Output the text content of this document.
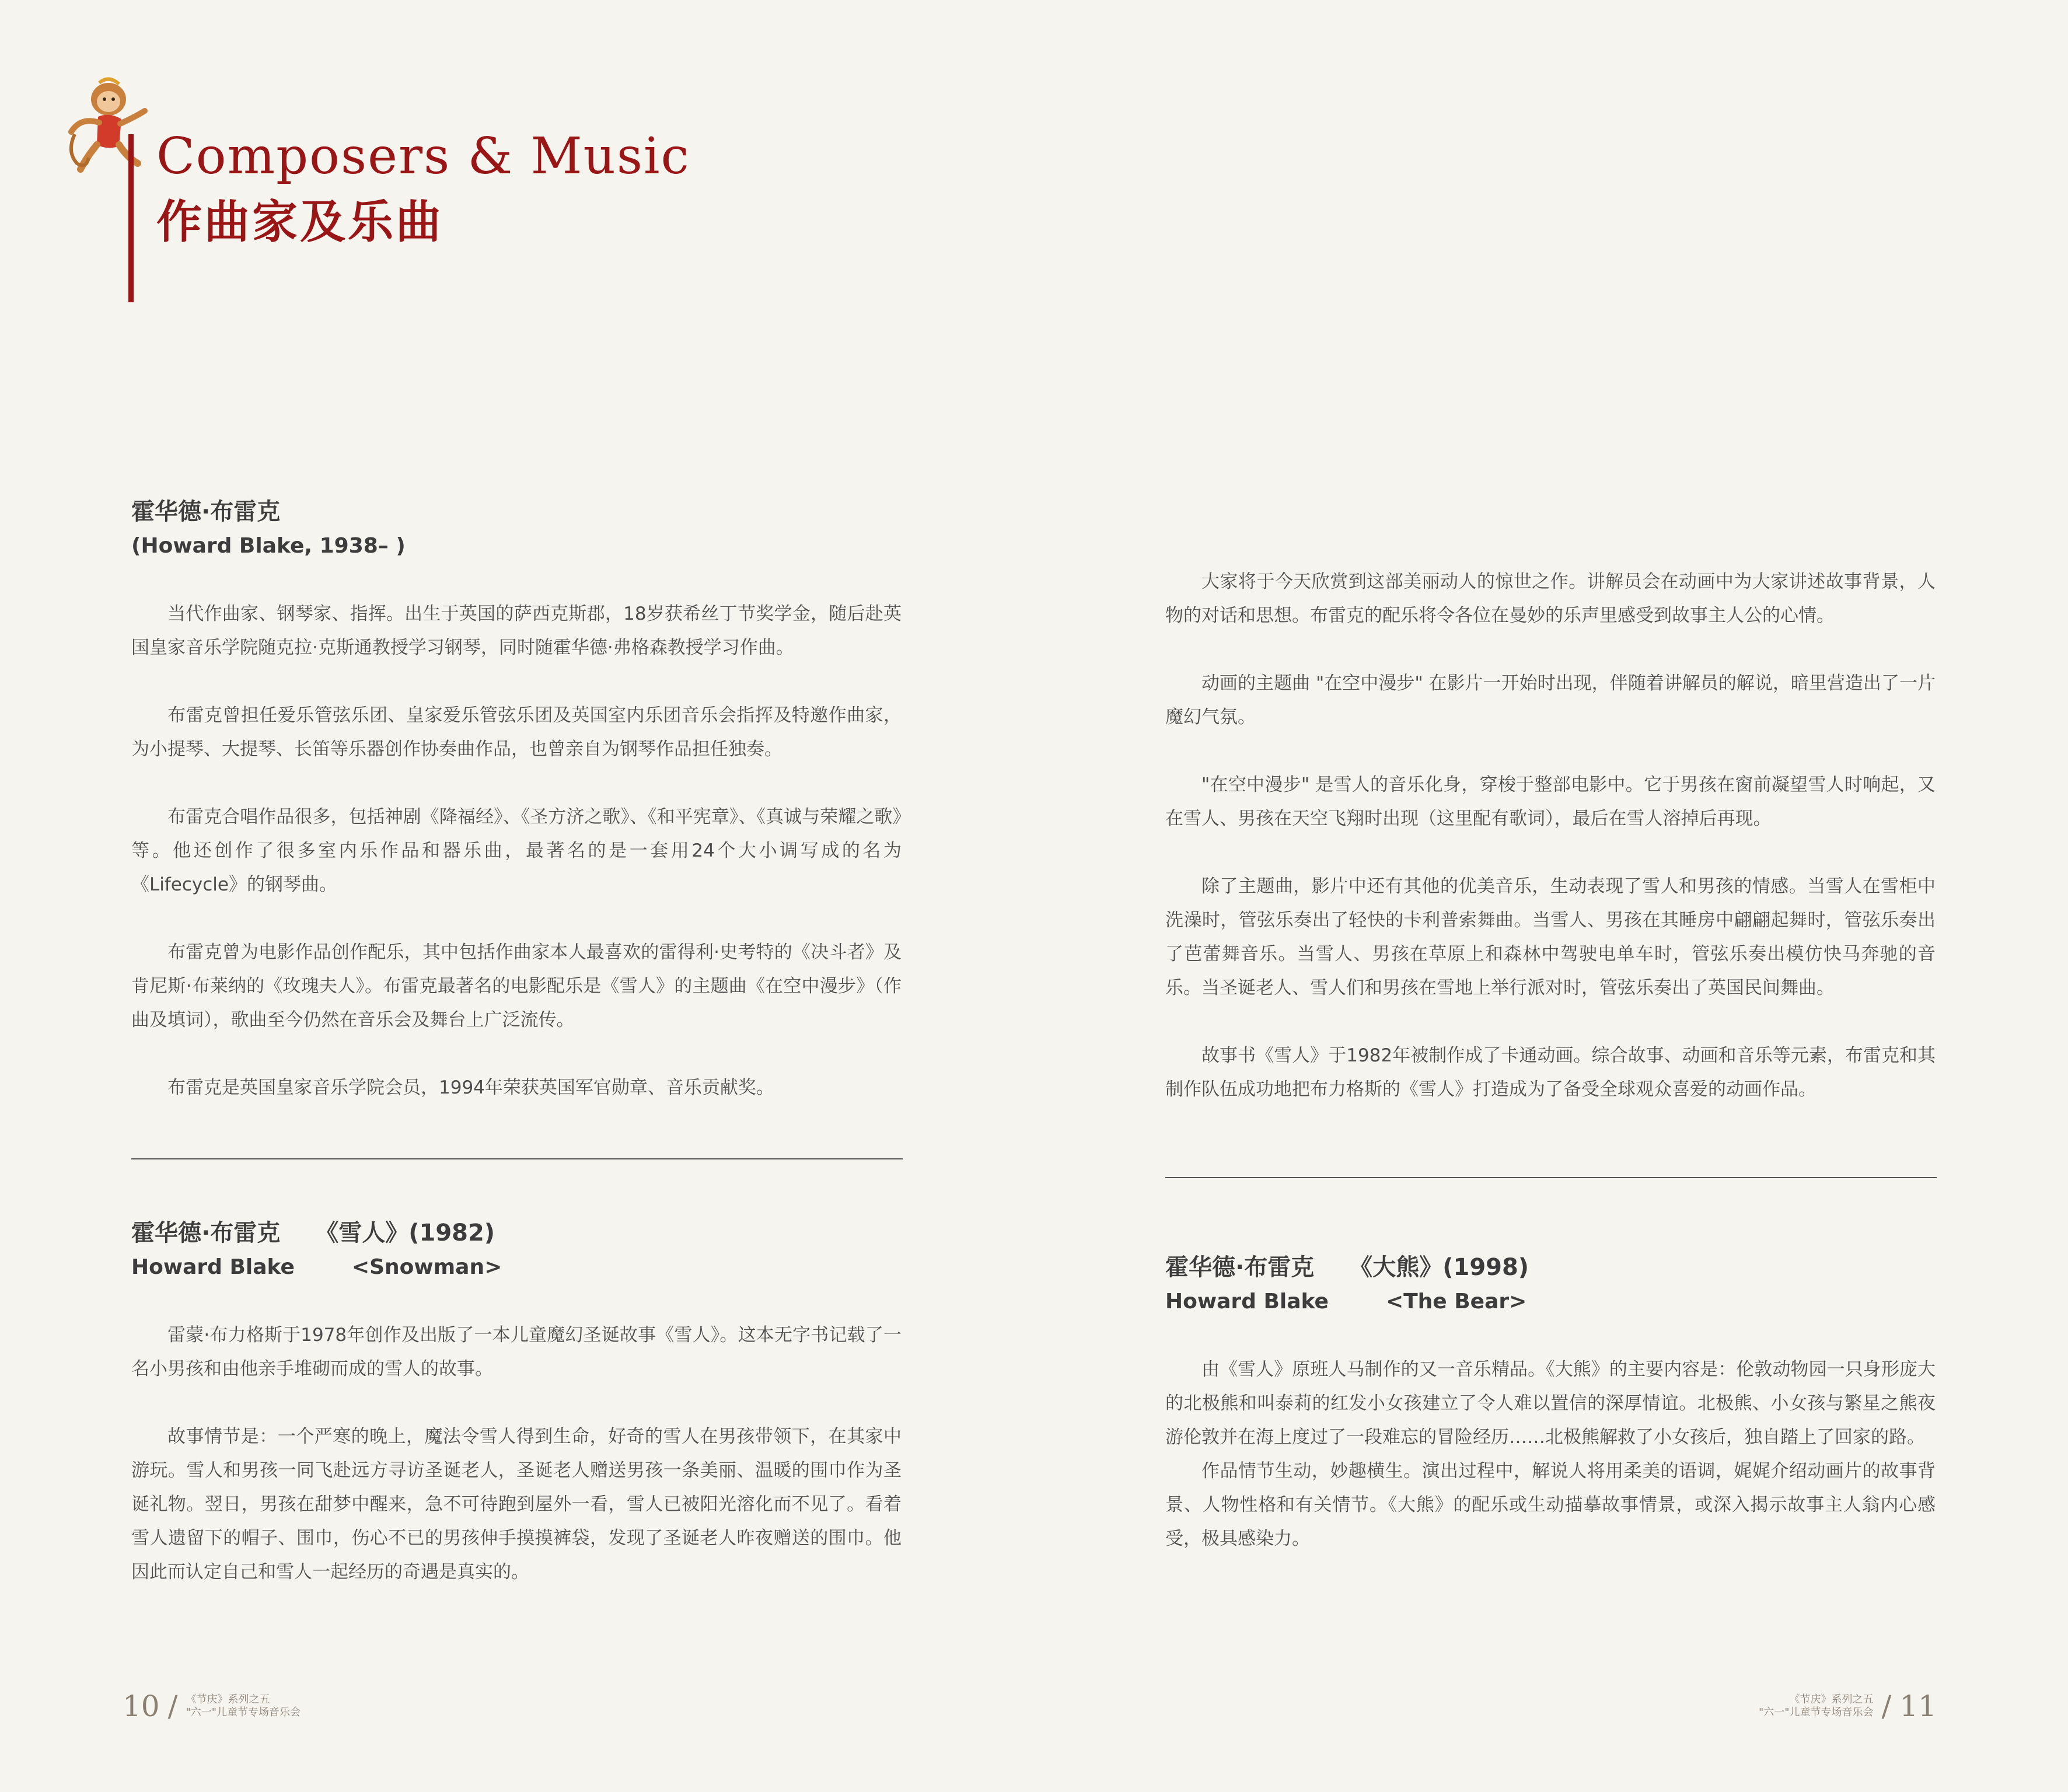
Composers & Music
作曲家及乐曲

霍华德·布雷克

(Howard Blake, 1938– )

当代作曲家、钢琴家、指挥。出生于英国的萨西克斯郡，18岁获希丝丁节奖学金，随后赴英国皇家音乐学院随克拉·克斯通教授学习钢琴，同时随霍华德·弗格森教授学习作曲。

布雷克曾担任爱乐管弦乐团、皇家爱乐管弦乐团及英国室内乐团音乐会指挥及特邀作曲家，为小提琴、大提琴、长笛等乐器创作协奏曲作品，也曾亲自为钢琴作品担任独奏。

布雷克合唱作品很多，包括神剧《降福经》、《圣方济之歌》、《和平宪章》、《真诚与荣耀之歌》等。他还创作了很多室内乐作品和器乐曲，最著名的是一套用24个大小调写成的名为《Lifecycle》的钢琴曲。

布雷克曾为电影作品创作配乐，其中包括作曲家本人最喜欢的雷得利·史考特的《决斗者》及肯尼斯·布莱纳的《玫瑰夫人》。布雷克最著名的电影配乐是《雪人》的主题曲《在空中漫步》（作曲及填词），歌曲至今仍然在音乐会及舞台上广泛流传。

布雷克是英国皇家音乐学院会员，1994年荣获英国军官勋章、音乐贡献奖。

霍华德·布雷克 《雪人》(1982)

Howard Blake	<Snowman>

雷蒙·布力格斯于1978年创作及出版了一本儿童魔幻圣诞故事《雪人》。这本无字书记载了一名小男孩和由他亲手堆砌而成的雪人的故事。

故事情节是：一个严寒的晚上，魔法令雪人得到生命，好奇的雪人在男孩带领下，在其家中游玩。雪人和男孩一同飞赴远方寻访圣诞老人，圣诞老人赠送男孩一条美丽、温暖的围巾作为圣诞礼物。翌日，男孩在甜梦中醒来，急不可待跑到屋外一看，雪人已被阳光溶化而不见了。看着雪人遗留下的帽子、围巾，伤心不已的男孩伸手摸摸裤袋，发现了圣诞老人昨夜赠送的围巾。他因此而认定自己和雪人一起经历的奇遇是真实的。

10 / 《节庆》系列之五
"六一"儿童节专场音乐会

大家将于今天欣赏到这部美丽动人的惊世之作。讲解员会在动画中为大家讲述故事背景，人物的对话和思想。布雷克的配乐将令各位在曼妙的乐声里感受到故事主人公的心情。

动画的主题曲 "在空中漫步" 在影片一开始时出现，伴随着讲解员的解说，暗里营造出了一片魔幻气氛。

"在空中漫步" 是雪人的音乐化身，穿梭于整部电影中。它于男孩在窗前凝望雪人时响起，又在雪人、男孩在天空飞翔时出现（这里配有歌词），最后在雪人溶掉后再现。

除了主题曲，影片中还有其他的优美音乐，生动表现了雪人和男孩的情感。当雪人在雪柜中洗澡时，管弦乐奏出了轻快的卡利普索舞曲。当雪人、男孩在其睡房中翩翩起舞时，管弦乐奏出了芭蕾舞音乐。当雪人、男孩在草原上和森林中驾驶电单车时，管弦乐奏出模仿快马奔驰的音乐。当圣诞老人、雪人们和男孩在雪地上举行派对时，管弦乐奏出了英国民间舞曲。

故事书《雪人》于1982年被制作成了卡通动画。综合故事、动画和音乐等元素，布雷克和其制作队伍成功地把布力格斯的《雪人》打造成为了备受全球观众喜爱的动画作品。

霍华德·布雷克 《大熊》(1998)

Howard Blake	<The Bear>

由《雪人》原班人马制作的又一音乐精品。《大熊》的主要内容是：伦敦动物园一只身形庞大的北极熊和叫泰莉的红发小女孩建立了令人难以置信的深厚情谊。北极熊、小女孩与繁星之熊夜游伦敦并在海上度过了一段难忘的冒险经历……北极熊解救了小女孩后，独自踏上了回家的路。

作品情节生动，妙趣横生。演出过程中，解说人将用柔美的语调，娓娓介绍动画片的故事背景、人物性格和有关情节。《大熊》的配乐或生动描摹故事情景，或深入揭示故事主人翁内心感受，极具感染力。

《节庆》系列之五
"六一"儿童节专场音乐会 / 11
